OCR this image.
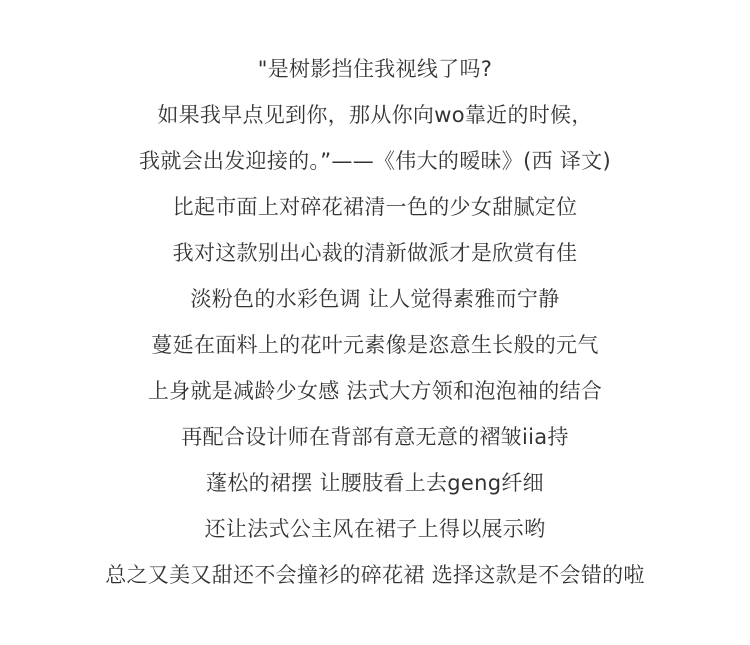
"是树影挡住我视线了吗?
如果我早点见到你，那从你向wo靠近的时候，
我就会出发迎接的。”——《伟大的暧昧》(西 译文)
比起市面上对碎花裙清一色的少女甜腻定位
我对这款别出心裁的清新做派才是欣赏有佳
淡粉色的水彩色调 让人觉得素雅而宁静
蔓延在面料上的花叶元素像是恣意生长般的元气
上身就是减龄少女感 法式大方领和泡泡袖的结合
再配合设计师在背部有意无意的褶皱iia持
蓬松的裙摆 让腰肢看上去geng纤细
还让法式公主风在裙子上得以展示哟
总之又美又甜还不会撞衫的碎花裙 选择这款是不会错的啦
